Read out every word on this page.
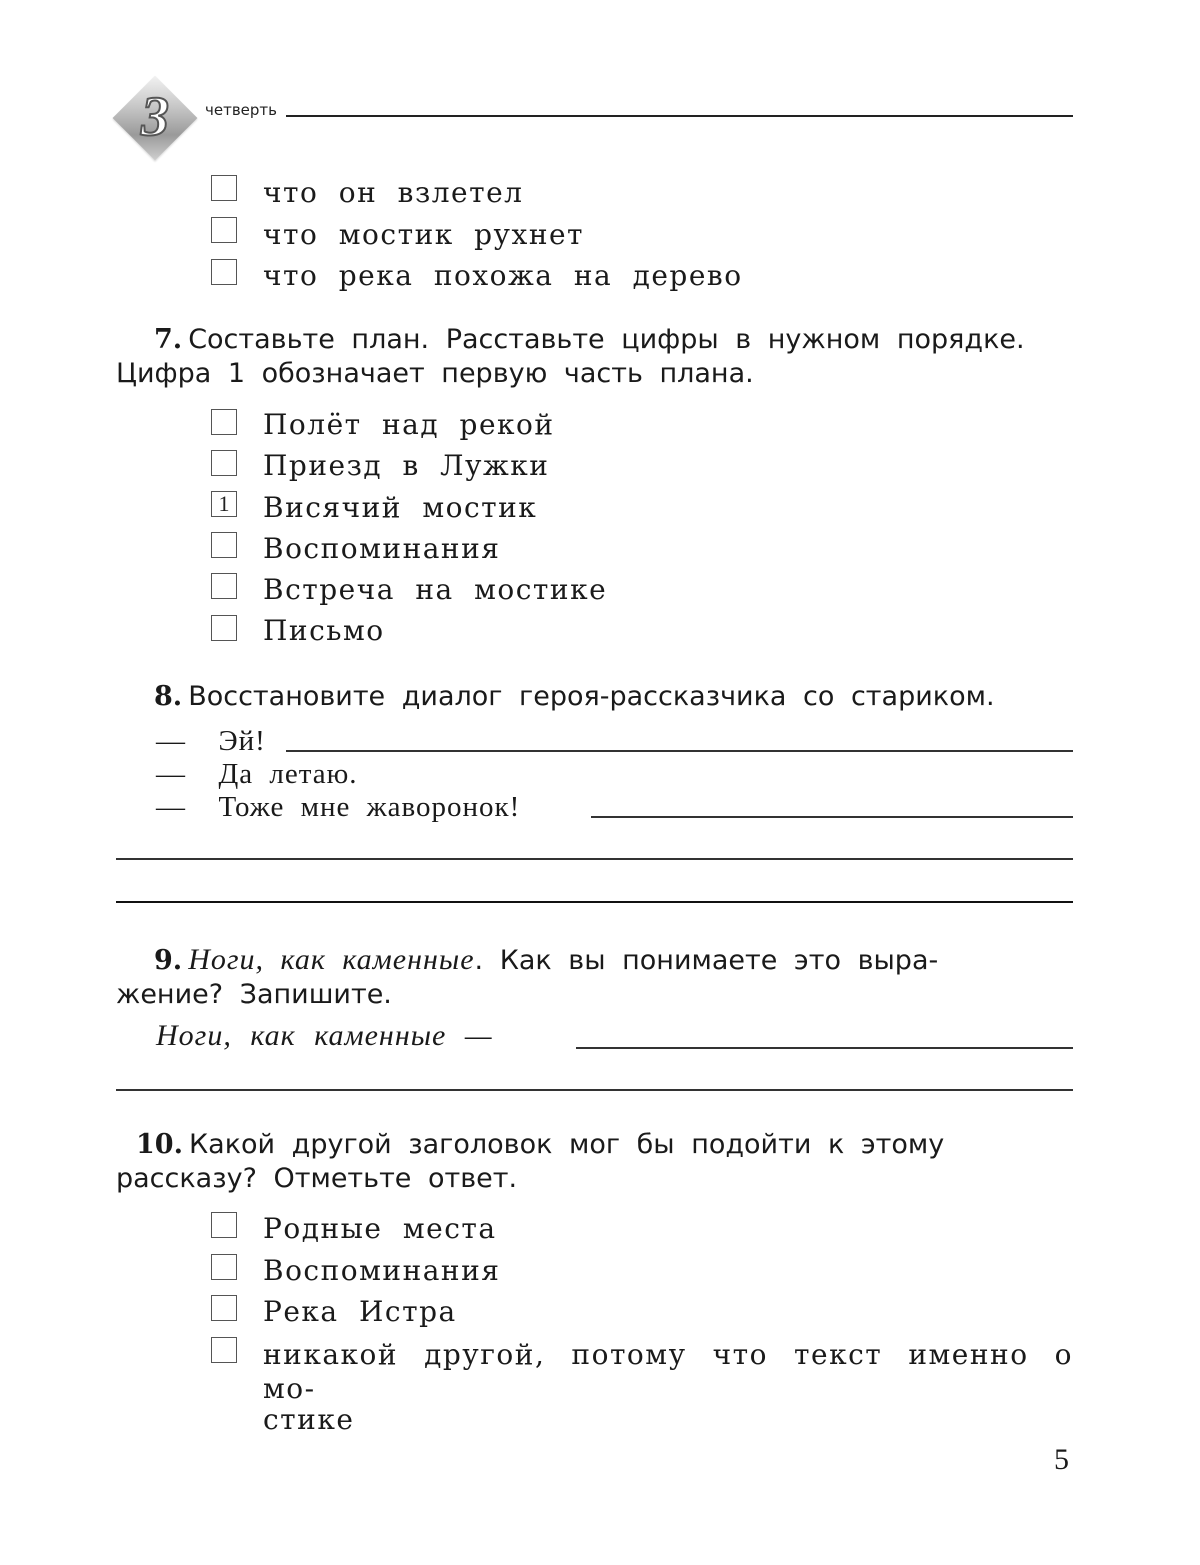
3	четверть
что он взлетел
что мостик рухнет
что река похожа на дерево
7. Составьте план. Расставьте цифры в нужном порядке.
Цифра 1 обозначает первую часть плана.
Полёт над рекой
Приезд в Лужки
1 Висячий мостик
Воспоминания
Встреча на мостике
Письмо
8. Восстановите диалог героя-рассказчика со стариком.
— Эй!
— Да летаю.
— Тоже мне жаворонок!
9. Ноги, как каменные. Как вы понимаете это выра-
жение? Запишите.
Ноги, как каменные —
10. Какой другой заголовок мог бы подойти к этому
рассказу? Отметьте ответ.
Родные места
Воспоминания
Река Истра
никакой другой, потому что текст именно о мо-
стике
5
